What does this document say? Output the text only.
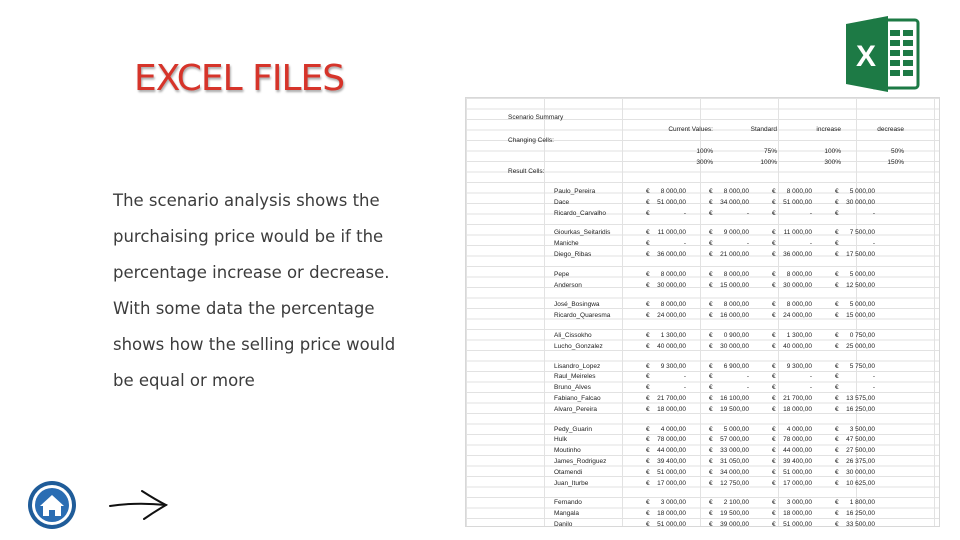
EXCEL FILES
X
The scenario analysis shows the
purchaising price would be if the
percentage increase or decrease.
With some data the percentage
shows how the selling price would
be equal or more
Scenario Summary
Current Values:	Standard	increase	decrease
Changing Cells:
100%	75%	100%	50%
300%	100%	300%	150%
Result Cells:
Paulo_Pereira	€	8 000,00	€	8 000,00	€	8 000,00	€	5 000,00
Dace	€	51 000,00	€	34 000,00	€	51 000,00	€	30 000,00
Ricardo_Carvalho	€	-	€	-	€	-	€	-
Giourkas_Seitaridis	€	11 000,00	€	9 000,00	€	11 000,00	€	7 500,00
Maniche	€	-	€	-	€	-	€	-
Diego_Ribas	€	36 000,00	€	21 000,00	€	36 000,00	€	17 500,00
Pepe	€	8 000,00	€	8 000,00	€	8 000,00	€	5 000,00
Anderson	€	30 000,00	€	15 000,00	€	30 000,00	€	12 500,00
José_Bosingwa	€	8 000,00	€	8 000,00	€	8 000,00	€	5 000,00
Ricardo_Quaresma	€	24 000,00	€	16 000,00	€	24 000,00	€	15 000,00
Ali_Cissokho	€	1 300,00	€	0 900,00	€	1 300,00	€	0 750,00
Lucho_Gonzalez	€	40 000,00	€	30 000,00	€	40 000,00	€	25 000,00
Lisandro_Lopez	€	9 300,00	€	6 900,00	€	9 300,00	€	5 750,00
Raul_Meireles	€	-	€	-	€	-	€	-
Bruno_Alves	€	-	€	-	€	-	€	-
Fabiano_Falcao	€	21 700,00	€	16 100,00	€	21 700,00	€	13 575,00
Alvaro_Pereira	€	18 000,00	€	19 500,00	€	18 000,00	€	16 250,00
Pedy_Guarin	€	4 000,00	€	5 000,00	€	4 000,00	€	3 500,00
Hulk	€	78 000,00	€	57 000,00	€	78 000,00	€	47 500,00
Moutinho	€	44 000,00	€	33 000,00	€	44 000,00	€	27 500,00
James_Rodriguez	€	39 400,00	€	31 050,00	€	39 400,00	€	26 375,00
Otamendi	€	51 000,00	€	34 000,00	€	51 000,00	€	30 000,00
Juan_Iturbe	€	17 000,00	€	12 750,00	€	17 000,00	€	10 625,00
Fernando	€	3 000,00	€	2 100,00	€	3 000,00	€	1 800,00
Mangala	€	18 000,00	€	19 500,00	€	18 000,00	€	16 250,00
Danilo	€	51 000,00	€	39 000,00	€	51 000,00	€	33 500,00
